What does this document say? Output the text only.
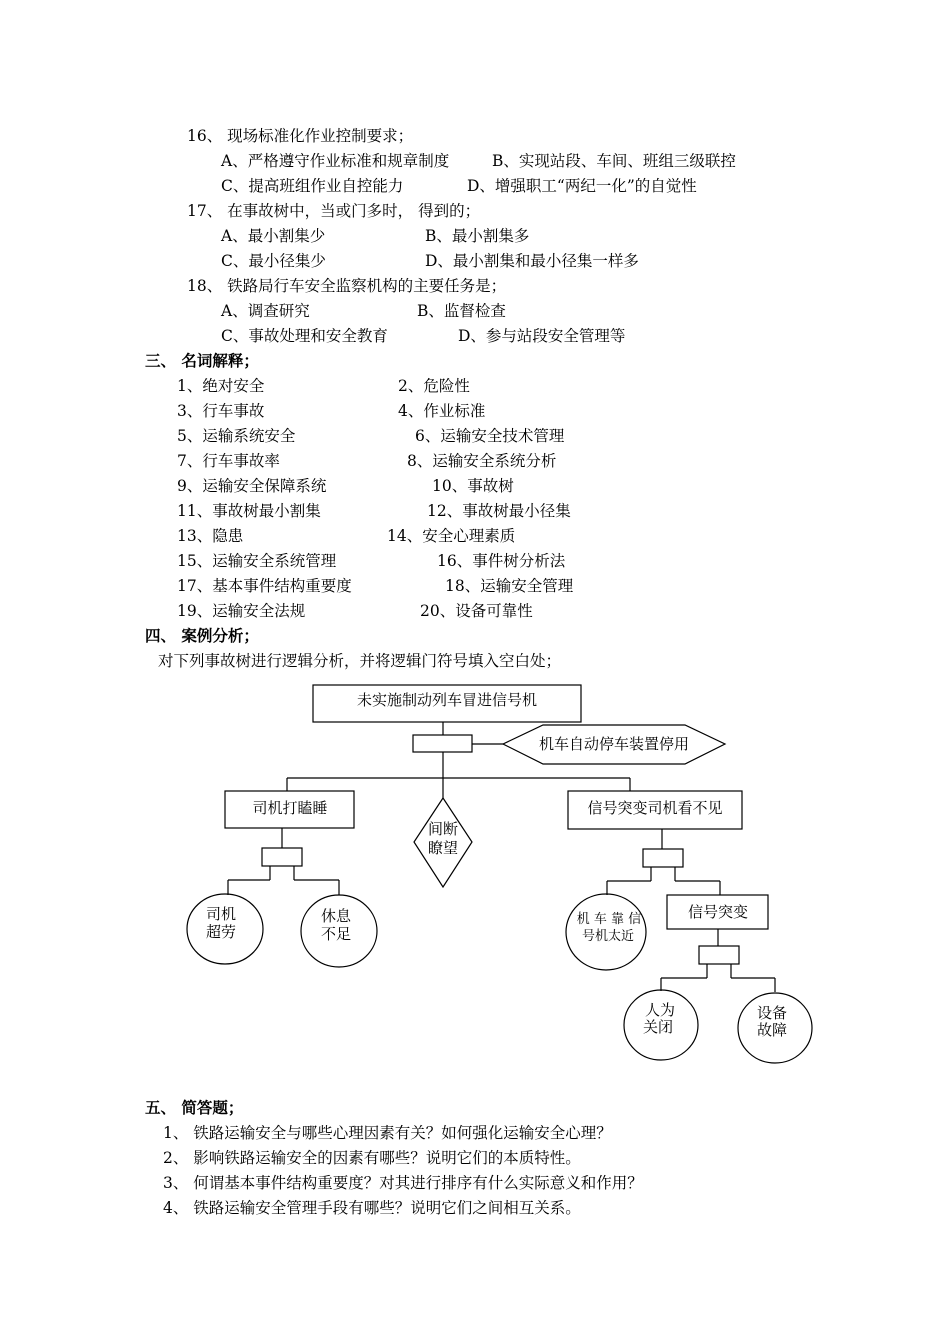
16、 现场标准化作业控制要求；
A、严格遵守作业标准和规章制度	B、实现站段、车间、班组三级联控
C、提高班组作业自控能力	D、增强职工“两纪一化”的自觉性
17、 在事故树中，当或门多时， 得到的；
A、最小割集少	B、最小割集多
C、最小径集少	D、最小割集和最小径集一样多
18、 铁路局行车安全监察机构的主要任务是；
A、调查研究	B、监督检查
C、事故处理和安全教育	D、参与站段安全管理等
三、 名词解释；
1、绝对安全	2、危险性
3、行车事故	4、作业标准
5、运输系统安全	6、运输安全技术管理
7、行车事故率	8、运输安全系统分析
9、运输安全保障系统	10、事故树
11、事故树最小割集	12、事故树最小径集
13、隐患	14、安全心理素质
15、运输安全系统管理	16、事件树分析法
17、基本事件结构重要度	18、运输安全管理
19、运输安全法规	20、设备可靠性
四、 案例分析；
对下列事故树进行逻辑分析，并将逻辑门符号填入空白处；
未实施制动列车冒进信号机
机车自动停车装置停用
司机打瞌睡
间断
瞭望
信号突变司机看不见
司机
超劳
休息
不足
机 车 靠 信
号机太近
信号突变
人为
关闭
设备
故障
五、 简答题；
1、 铁路运输安全与哪些心理因素有关？如何强化运输安全心理？
2、 影响铁路运输安全的因素有哪些？说明它们的本质特性。
3、 何谓基本事件结构重要度？对其进行排序有什么实际意义和作用？
4、 铁路运输安全管理手段有哪些？说明它们之间相互关系。
